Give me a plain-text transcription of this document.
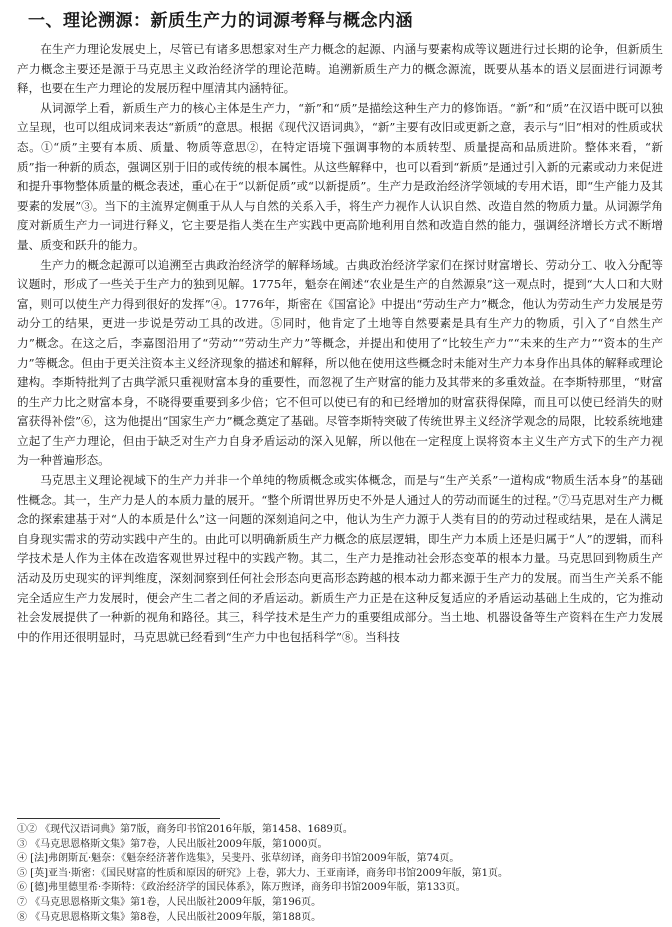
一、理论溯源：新质生产力的词源考释与概念内涵

在生产力理论发展史上，尽管已有诸多思想家对生产力概念的起源、内涵与要素构成等议题进行过长期的论争，但新质生产力概念主要还是源于马克思主义政治经济学的理论范畴。追溯新质生产力的概念源流，既要从基本的语义层面进行词源考释，也要在生产力理论的发展历程中厘清其内涵特征。

从词源学上看，新质生产力的核心主体是生产力，“新”和“质”是描绘这种生产力的修饰语。“新”和“质”在汉语中既可以独立呈现，也可以组成词来表达“新质”的意思。根据《现代汉语词典》，“新”主要有改旧或更新之意，表示与“旧”相对的性质或状态。①“质”主要有本质、质量、物质等意思②，在特定语境下强调事物的本质转型、质量提高和品质进阶。整体来看，“新质”指一种新的质态，强调区别于旧的或传统的根本属性。从这些解释中，也可以看到“新质”是通过引入新的元素或动力来促进和提升事物整体质量的概念表述，重心在于“以新促质”或“以新提质”。生产力是政治经济学领域的专用术语，即“生产能力及其要素的发展”③。当下的主流界定侧重于从人与自然的关系入手，将生产力视作人认识自然、改造自然的物质力量。从词源学角度对新质生产力一词进行释义，它主要是指人类在生产实践中更高阶地利用自然和改造自然的能力，强调经济增长方式不断增量、质变和跃升的能力。

生产力的概念起源可以追溯至古典政治经济学的解释场域。古典政治经济学家们在探讨财富增长、劳动分工、收入分配等议题时，形成了一些关于生产力的独到见解。1775年，魁奈在阐述“农业是生产的自然源泉”这一观点时，提到“大人口和大财富，则可以使生产力得到很好的发挥”④。1776年，斯密在《国富论》中提出“劳动生产力”概念，他认为劳动生产力发展是劳动分工的结果，更进一步说是劳动工具的改进。⑤同时，他肯定了土地等自然要素是具有生产力的物质，引入了“自然生产力”概念。在这之后，李嘉图沿用了“劳动”“劳动生产力”等概念，并提出和使用了“比较生产力”“未来的生产力”“资本的生产力”等概念。但由于更关注资本主义经济现象的描述和解释，所以他在使用这些概念时未能对生产力本身作出具体的解释或理论建构。李斯特批判了古典学派只重视财富本身的重要性，而忽视了生产财富的能力及其带来的多重效益。在李斯特那里，“财富的生产力比之财富本身，不晓得要重要到多少倍；它不但可以使已有的和已经增加的财富获得保障，而且可以使已经消失的财富获得补偿”⑥，这为他提出“国家生产力”概念奠定了基础。尽管李斯特突破了传统世界主义经济学观念的局限，比较系统地建立起了生产力理论，但由于缺乏对生产力自身矛盾运动的深入见解，所以他在一定程度上误将资本主义生产方式下的生产力视为一种普遍形态。

马克思主义理论视域下的生产力并非一个单纯的物质概念或实体概念，而是与“生产关系”一道构成“物质生活本身”的基础性概念。其一，生产力是人的本质力量的展开。“整个所谓世界历史不外是人通过人的劳动而诞生的过程。”⑦马克思对生产力概念的探索建基于对“人的本质是什么”这一问题的深刻追问之中，他认为生产力源于人类有目的的劳动过程或结果，是在人满足自身现实需求的劳动实践中产生的。由此可以明确新质生产力概念的底层逻辑，即生产力本质上还是归属于“人”的逻辑，而科学技术是人作为主体在改造客观世界过程中的实践产物。其二，生产力是推动社会形态变革的根本力量。马克思回到物质生产活动及历史现实的评判维度，深刻洞察到任何社会形态向更高形态跨越的根本动力都来源于生产力的发展。而当生产关系不能完全适应生产力发展时，便会产生二者之间的矛盾运动。新质生产力正是在这种反复适应的矛盾运动基础上生成的，它为推动社会发展提供了一种新的视角和路径。其三，科学技术是生产力的重要组成部分。当土地、机器设备等生产资料在生产力发展中的作用还很明显时，马克思就已经看到“生产力中也包括科学”⑧。当科技

①② 《现代汉语词典》第7版，商务印书馆2016年版，第1458、1689页。
③ 《马克思恩格斯文集》第7卷，人民出版社2009年版，第1000页。
④ [法]弗朗斯瓦·魁奈：《魁奈经济著作选集》，吴斐丹、张草纫译，商务印书馆2009年版，第74页。
⑤ [英]亚当·斯密：《国民财富的性质和原因的研究》上卷，郭大力、王亚南译，商务印书馆2009年版，第1页。
⑥ [德]弗里德里希·李斯特：《政治经济学的国民体系》，陈万煦译，商务印书馆2009年版，第133页。
⑦ 《马克思恩格斯文集》第1卷，人民出版社2009年版，第196页。
⑧ 《马克思恩格斯文集》第8卷，人民出版社2009年版，第188页。
